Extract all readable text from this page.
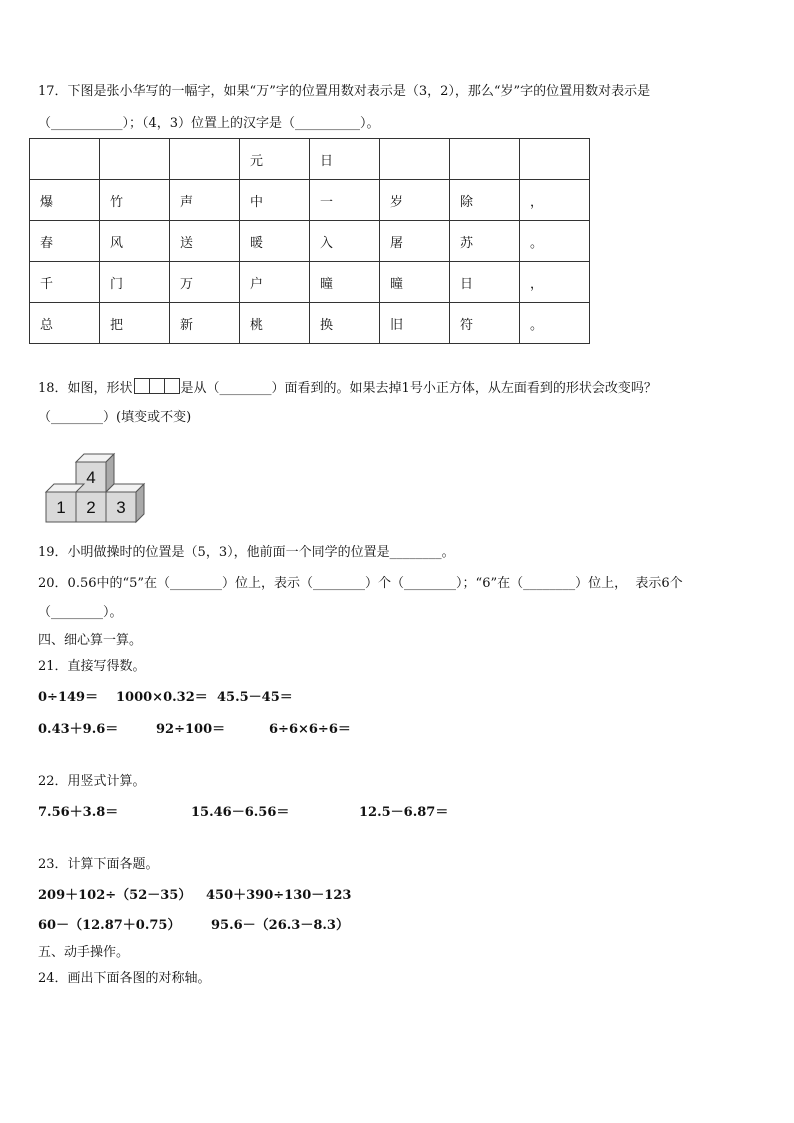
17．下图是张小华写的一幅字，如果“万”字的位置用数对表示是（3，2），那么“岁”字的位置用数对表示是
（___________）；（4，3）位置上的汉字是（__________）。
			元	日			
爆	竹	声	中	一	岁	除	，
春	风	送	暖	入	屠	苏	。
千	门	万	户	曈	曈	日	，
总	把	新	桃	换	旧	符	。
18．如图，形状	是从（________）面看到的。如果去掉1号小正方体，从左面看到的形状会改变吗？
（________）(填变或不变)
4
1 2 3
19．小明做操时的位置是（5，3），他前面一个同学的位置是________。
20．0.56中的“5”在（________）位上，表示（________）个（________）；“6”在（________）位上，  表示6个
（________）。
四、细心算一算。
21．直接写得数。
0÷149＝ 1000×0.32＝ 45.5－45＝
0.43＋9.6＝	92÷100＝	6÷6×6÷6＝
22．用竖式计算。
7.56＋3.8＝	15.46－6.56＝	12.5－6.87＝
23．计算下面各题。
209＋102÷（52－35） 450＋390÷130－123
60－（12.87＋0.75） 95.6－（26.3－8.3）
五、动手操作。
24．画出下面各图的对称轴。
